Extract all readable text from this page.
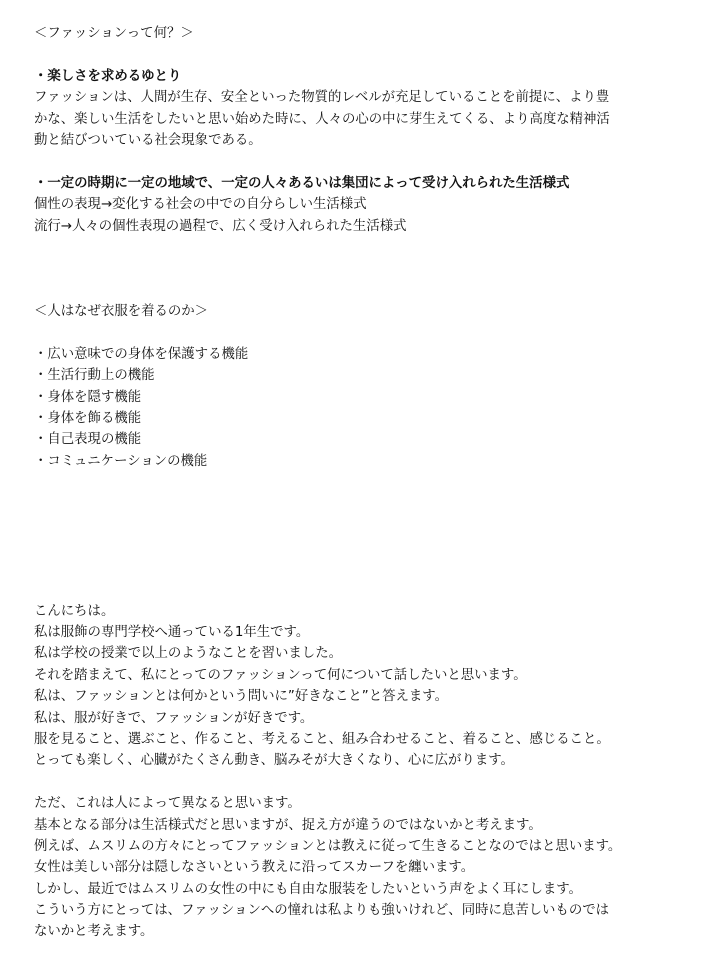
＜ファッションって何？＞
・楽しさを求めるゆとり
ファッションは、人間が生存、安全といった物質的レベルが充足していることを前提に、より豊
かな、楽しい生活をしたいと思い始めた時に、人々の心の中に芽生えてくる、より高度な精神活
動と結びついている社会現象である。
・一定の時期に一定の地域で、一定の人々あるいは集団によって受け入れられた生活様式
個性の表現→変化する社会の中での自分らしい生活様式
流行→人々の個性表現の過程で、広く受け入れられた生活様式
＜人はなぜ衣服を着るのか＞
・広い意味での身体を保護する機能
・生活行動上の機能
・身体を隠す機能
・身体を飾る機能
・自己表現の機能
・コミュニケーションの機能
こんにちは。
私は服飾の専門学校へ通っている1年生です。
私は学校の授業で以上のようなことを習いました。
それを踏まえて、私にとってのファッションって何について話したいと思います。
私は、ファッションとは何かという問いに”好きなこと”と答えます。
私は、服が好きで、ファッションが好きです。
服を見ること、選ぶこと、作ること、考えること、組み合わせること、着ること、感じること。
とっても楽しく、心臓がたくさん動き、脳みそが大きくなり、心に広がります。
ただ、これは人によって異なると思います。
基本となる部分は生活様式だと思いますが、捉え方が違うのではないかと考えます。
例えば、ムスリムの方々にとってファッションとは教えに従って生きることなのではと思います。
女性は美しい部分は隠しなさいという教えに沿ってスカーフを纏います。
しかし、最近ではムスリムの女性の中にも自由な服装をしたいという声をよく耳にします。
こういう方にとっては、ファッションへの憧れは私よりも強いけれど、同時に息苦しいものでは
ないかと考えます。
